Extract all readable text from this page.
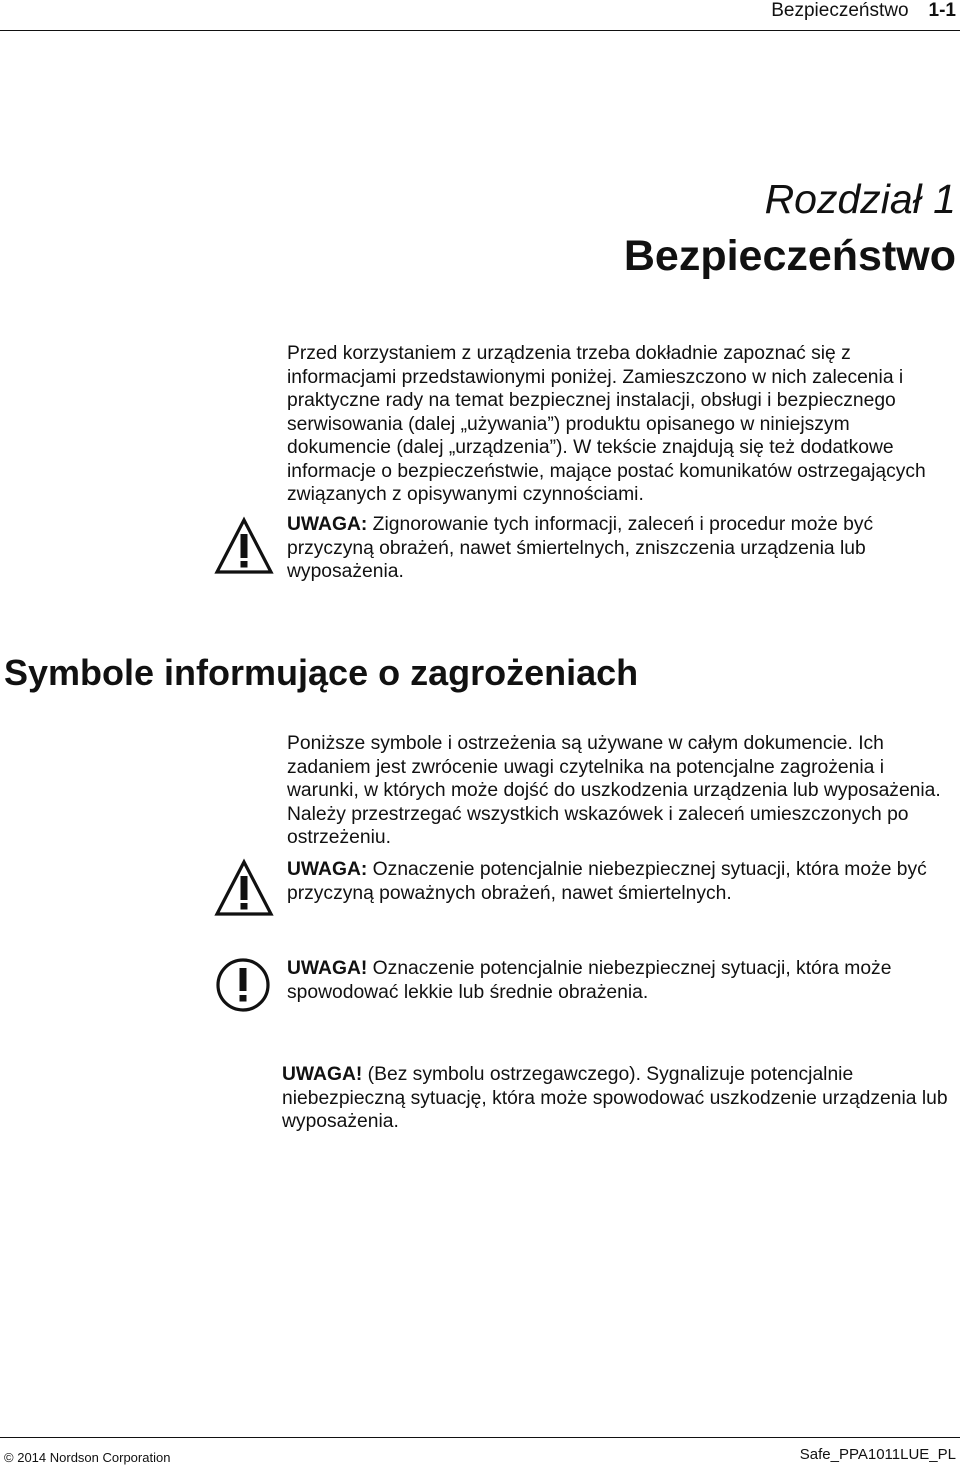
Bezpieczeństwo 1-1
Rozdział 1
Bezpieczeństwo

Przed korzystaniem z urządzenia trzeba dokładnie zapoznać się z informacjami przedstawionymi poniżej. Zamieszczono w nich zalecenia i praktyczne rady na temat bezpiecznej instalacji, obsługi i bezpiecznego serwisowania (dalej „używania”) produktu opisanego w niniejszym dokumencie (dalej „urządzenia”). W tekście znajdują się też dodatkowe informacje o bezpieczeństwie, mające postać komunikatów ostrzegających związanych z opisywanymi czynnościami.

UWAGA: Zignorowanie tych informacji, zaleceń i procedur może być przyczyną obrażeń, nawet śmiertelnych, zniszczenia urządzenia lub wyposażenia.

Symbole informujące o zagrożeniach

Poniższe symbole i ostrzeżenia są używane w całym dokumencie. Ich zadaniem jest zwrócenie uwagi czytelnika na potencjalne zagrożenia i warunki, w których może dojść do uszkodzenia urządzenia lub wyposażenia. Należy przestrzegać wszystkich wskazówek i zaleceń umieszczonych po ostrzeżeniu.

UWAGA: Oznaczenie potencjalnie niebezpiecznej sytuacji, która może być przyczyną poważnych obrażeń, nawet śmiertelnych.

UWAGA! Oznaczenie potencjalnie niebezpiecznej sytuacji, która może spowodować lekkie lub średnie obrażenia.

UWAGA! (Bez symbolu ostrzegawczego). Sygnalizuje potencjalnie niebezpieczną sytuację, która może spowodować uszkodzenie urządzenia lub wyposażenia.

© 2014 Nordson Corporation	Safe_PPA1011LUE_PL
